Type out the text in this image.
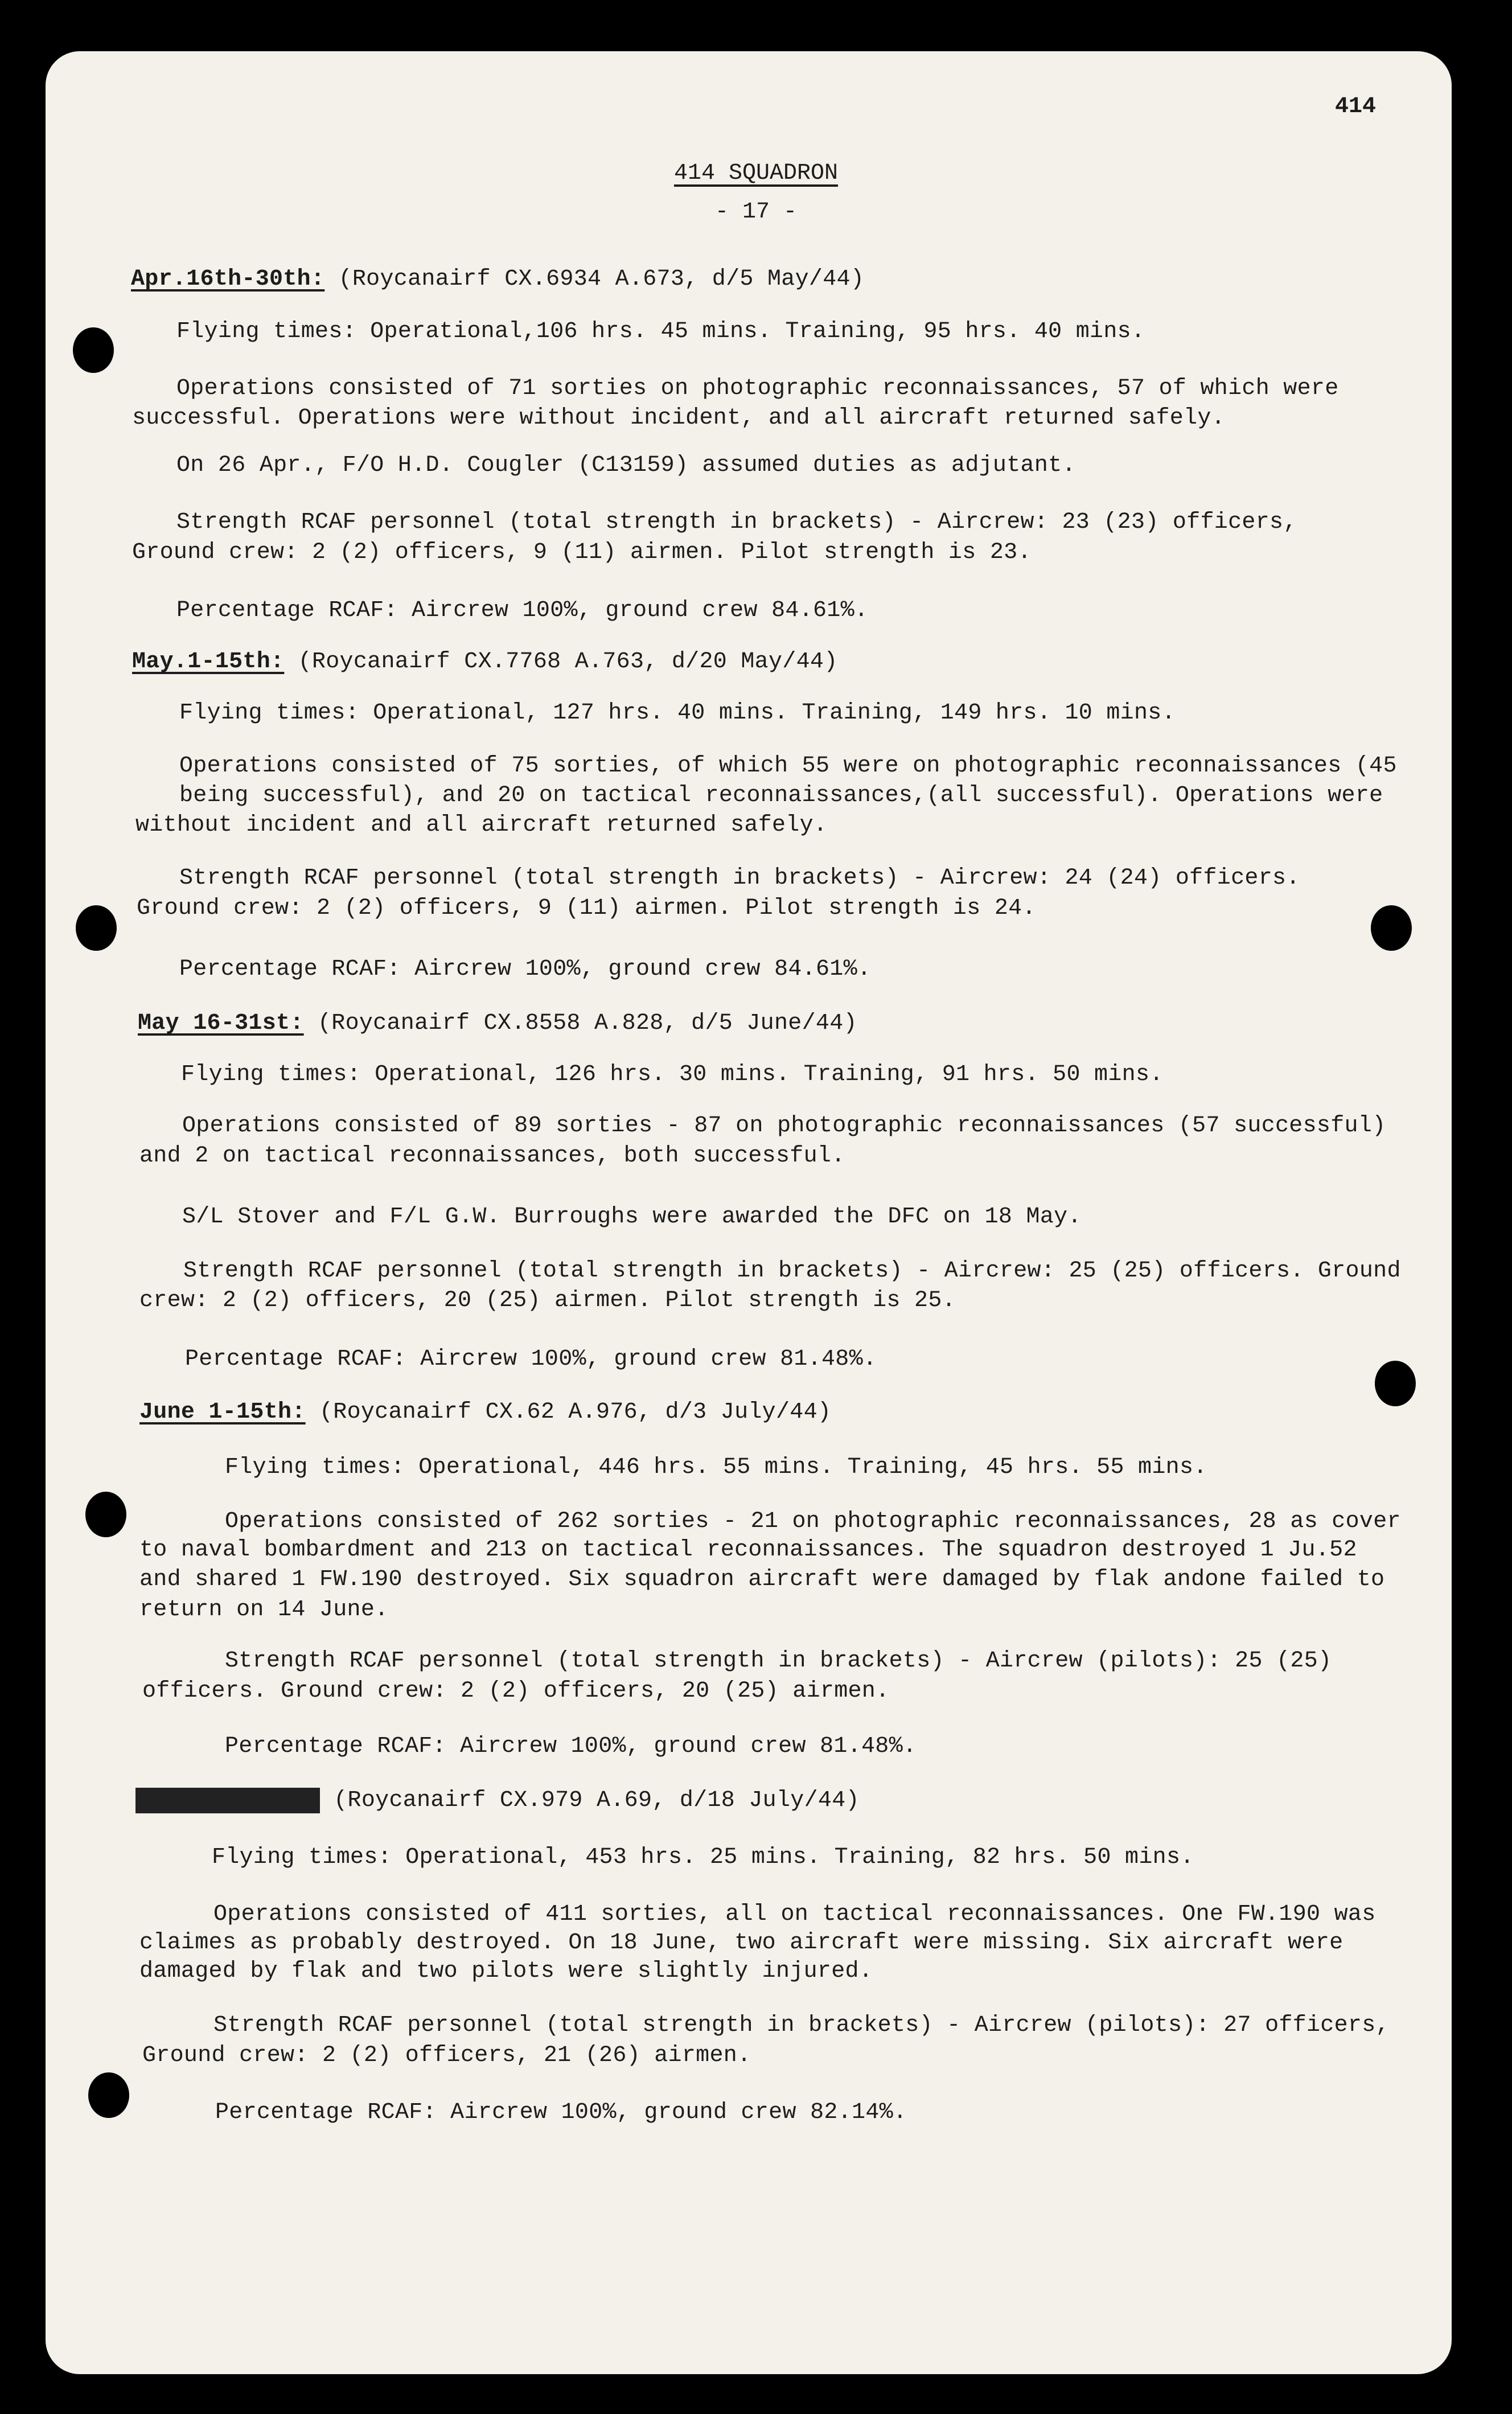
414
414 SQUADRON
- 17 -
Apr.16th-30th: (Roycanairf CX.6934 A.673, d/5 May/44)
Flying times: Operational,106 hrs. 45 mins. Training, 95 hrs. 40 mins.
Operations consisted of 71 sorties on photographic reconnaissances, 57 of which were
successful. Operations were without incident, and all aircraft returned safely.
On 26 Apr., F/O H.D. Cougler (C13159) assumed duties as adjutant.
Strength RCAF personnel (total strength in brackets) - Aircrew: 23 (23) officers,
Ground crew: 2 (2) officers, 9 (11) airmen. Pilot strength is 23.
Percentage RCAF: Aircrew 100%, ground crew 84.61%.
May.1-15th: (Roycanairf CX.7768 A.763, d/20 May/44)
Flying times: Operational, 127 hrs. 40 mins. Training, 149 hrs. 10 mins.
Operations consisted of 75 sorties, of which 55 were on photographic reconnaissances (45
being successful), and 20 on tactical reconnaissances,(all successful). Operations were
without incident and all aircraft returned safely.
Strength RCAF personnel (total strength in brackets) - Aircrew: 24 (24) officers.
Ground crew: 2 (2) officers, 9 (11) airmen. Pilot strength is 24.
Percentage RCAF: Aircrew 100%, ground crew 84.61%.
May 16-31st: (Roycanairf CX.8558 A.828, d/5 June/44)
Flying times: Operational, 126 hrs. 30 mins. Training, 91 hrs. 50 mins.
Operations consisted of 89 sorties - 87 on photographic reconnaissances (57 successful)
and 2 on tactical reconnaissances, both successful.
S/L Stover and F/L G.W. Burroughs were awarded the DFC on 18 May.
Strength RCAF personnel (total strength in brackets) - Aircrew: 25 (25) officers. Ground
crew: 2 (2) officers, 20 (25) airmen. Pilot strength is 25.
Percentage RCAF: Aircrew 100%, ground crew 81.48%.
June 1-15th: (Roycanairf CX.62 A.976, d/3 July/44)
Flying times: Operational, 446 hrs. 55 mins. Training, 45 hrs. 55 mins.
Operations consisted of 262 sorties - 21 on photographic reconnaissances, 28 as cover
to naval bombardment and 213 on tactical reconnaissances. The squadron destroyed 1 Ju.52
and shared 1 FW.190 destroyed. Six squadron aircraft were damaged by flak andone failed to
return on 14 June.
Strength RCAF personnel (total strength in brackets) - Aircrew (pilots): 25 (25)
officers. Ground crew: 2 (2) officers, 20 (25) airmen.
Percentage RCAF: Aircrew 100%, ground crew 81.48%.
June 16-30th: (Roycanairf CX.979 A.69, d/18 July/44)
Flying times: Operational, 453 hrs. 25 mins. Training, 82 hrs. 50 mins.
Operations consisted of 411 sorties, all on tactical reconnaissances. One FW.190 was
claimes as probably destroyed. On 18 June, two aircraft were missing. Six aircraft were
damaged by flak and two pilots were slightly injured.
Strength RCAF personnel (total strength in brackets) - Aircrew (pilots): 27 officers,
Ground crew: 2 (2) officers, 21 (26) airmen.
Percentage RCAF: Aircrew 100%, ground crew 82.14%.
